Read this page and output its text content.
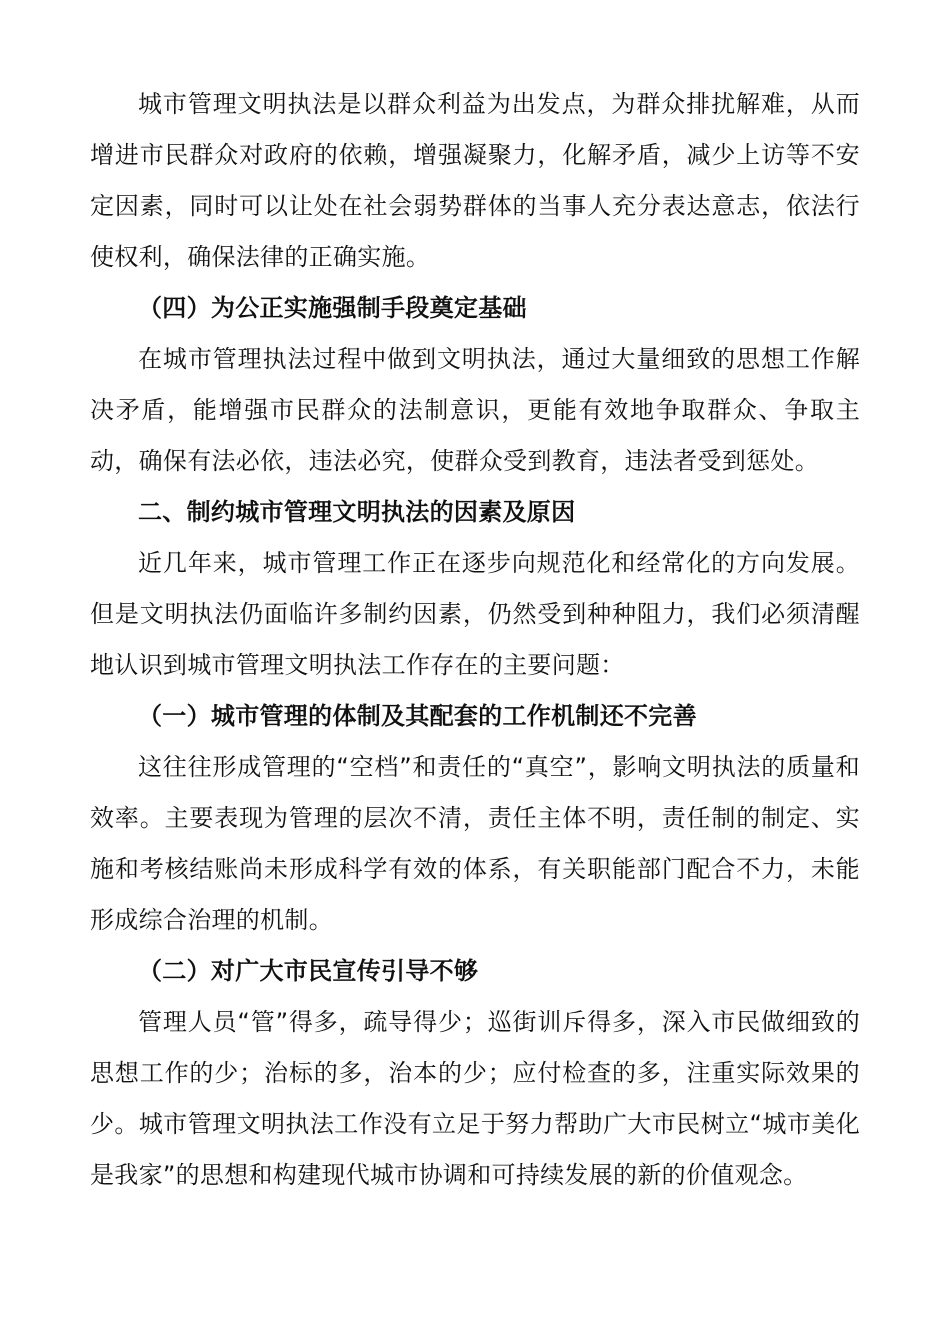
城市管理文明执法是以群众利益为出发点，为群众排扰解难，从而增进市民群众对政府的依赖，增强凝聚力，化解矛盾，减少上访等不安定因素，同时可以让处在社会弱势群体的当事人充分表达意志，依法行使权利，确保法律的正确实施。

（四）为公正实施强制手段奠定基础

在城市管理执法过程中做到文明执法，通过大量细致的思想工作解决矛盾，能增强市民群众的法制意识，更能有效地争取群众、争取主动，确保有法必依，违法必究，使群众受到教育，违法者受到惩处。

二、制约城市管理文明执法的因素及原因

近几年来，城市管理工作正在逐步向规范化和经常化的方向发展。但是文明执法仍面临许多制约因素，仍然受到种种阻力，我们必须清醒地认识到城市管理文明执法工作存在的主要问题：

（一）城市管理的体制及其配套的工作机制还不完善

这往往形成管理的“空档”和责任的“真空”，影响文明执法的质量和效率。主要表现为管理的层次不清，责任主体不明，责任制的制定、实施和考核结账尚未形成科学有效的体系，有关职能部门配合不力，未能形成综合治理的机制。

（二）对广大市民宣传引导不够

管理人员“管”得多，疏导得少；巡街训斥得多，深入市民做细致的思想工作的少；治标的多，治本的少；应付检查的多，注重实际效果的少。城市管理文明执法工作没有立足于努力帮助广大市民树立“城市美化是我家”的思想和构建现代城市协调和可持续发展的新的价值观念。
